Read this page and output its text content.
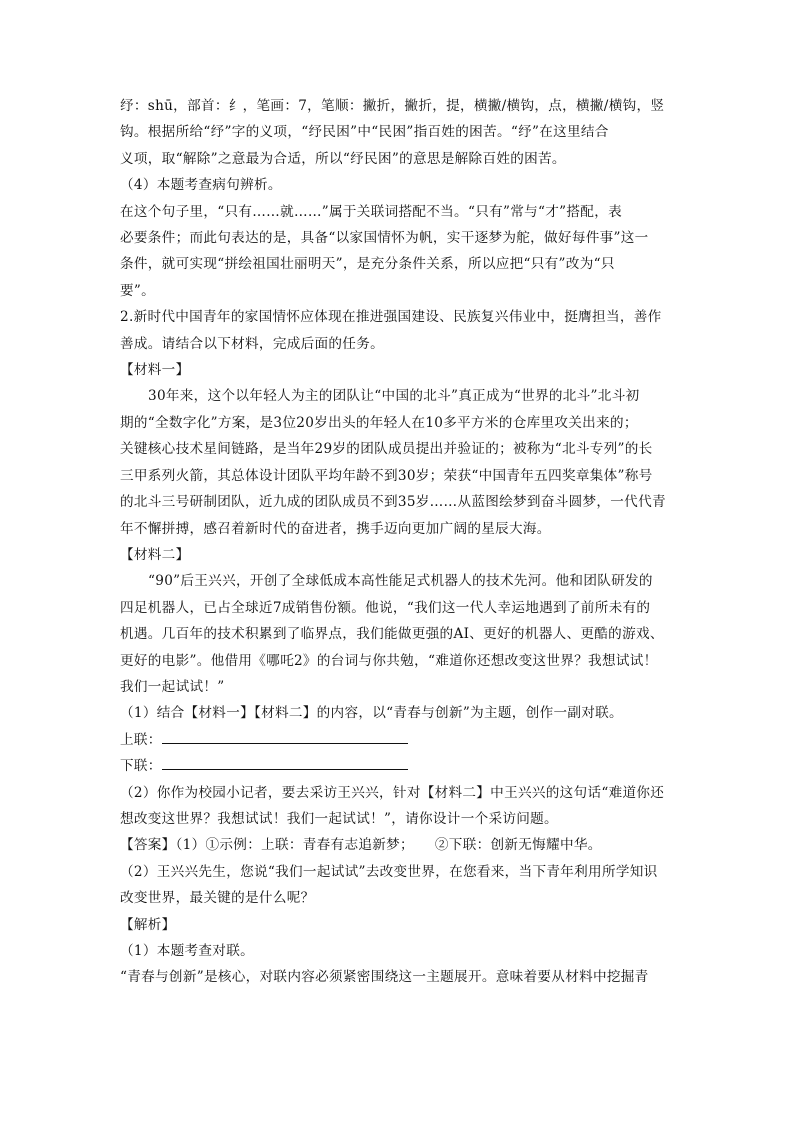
纾：shū，部首：纟，笔画：7，笔顺：撇折，撇折，提，横撇/横钩，点，横撇/横钩，竖

钩。根据所给“纾”字的义项，“纾民困”中“民困”指百姓的困苦。“纾”在这里结合

义项，取“解除”之意最为合适，所以“纾民困”的意思是解除百姓的困苦。

（4）本题考查病句辨析。

在这个句子里，“只有……就……”属于关联词搭配不当。“只有”常与“才”搭配，表

必要条件；而此句表达的是，具备“以家国情怀为帆，实干逐梦为舵，做好每件事”这一

条件，就可实现“拼绘祖国壮丽明天”，是充分条件关系，所以应把“只有”改为“只

要”。

2.新时代中国青年的家国情怀应体现在推进强国建设、民族复兴伟业中，挺膺担当，善作

善成。请结合以下材料，完成后面的任务。

【材料一】

30年来，这个以年轻人为主的团队让“中国的北斗”真正成为“世界的北斗”北斗初

期的“全数字化”方案，是3位20岁出头的年轻人在10多平方米的仓库里攻关出来的；

关键核心技术星间链路，是当年29岁的团队成员提出并验证的；被称为“北斗专列”的长

三甲系列火箭，其总体设计团队平均年龄不到30岁；荣获“中国青年五四奖章集体”称号

的北斗三号研制团队，近九成的团队成员不到35岁……从蓝图绘梦到奋斗圆梦，一代代青

年不懈拼搏，感召着新时代的奋进者，携手迈向更加广阔的星辰大海。

【材料二】

“90”后王兴兴，开创了全球低成本高性能足式机器人的技术先河。他和团队研发的

四足机器人，已占全球近7成销售份额。他说，“我们这一代人幸运地遇到了前所未有的

机遇。几百年的技术积累到了临界点，我们能做更强的AI、更好的机器人、更酷的游戏、

更好的电影”。他借用《哪吒2》的台词与你共勉，“难道你还想改变这世界？我想试试！

我们一起试试！”

（1）结合【材料一】【材料二】的内容，以“青春与创新”为主题，创作一副对联。

上联：

下联：

（2）你作为校园小记者，要去采访王兴兴，针对【材料二】中王兴兴的这句话“难道你还

想改变这世界？我想试试！我们一起试试！”，请你设计一个采访问题。

【答案】（1）①示例：上联：青春有志追新梦；　　②下联：创新无悔耀中华。

（2）王兴兴先生，您说“我们一起试试”去改变世界，在您看来，当下青年利用所学知识

改变世界，最关键的是什么呢？

【解析】

（1）本题考查对联。

“青春与创新”是核心，对联内容必须紧密围绕这一主题展开。意味着要从材料中挖掘青
